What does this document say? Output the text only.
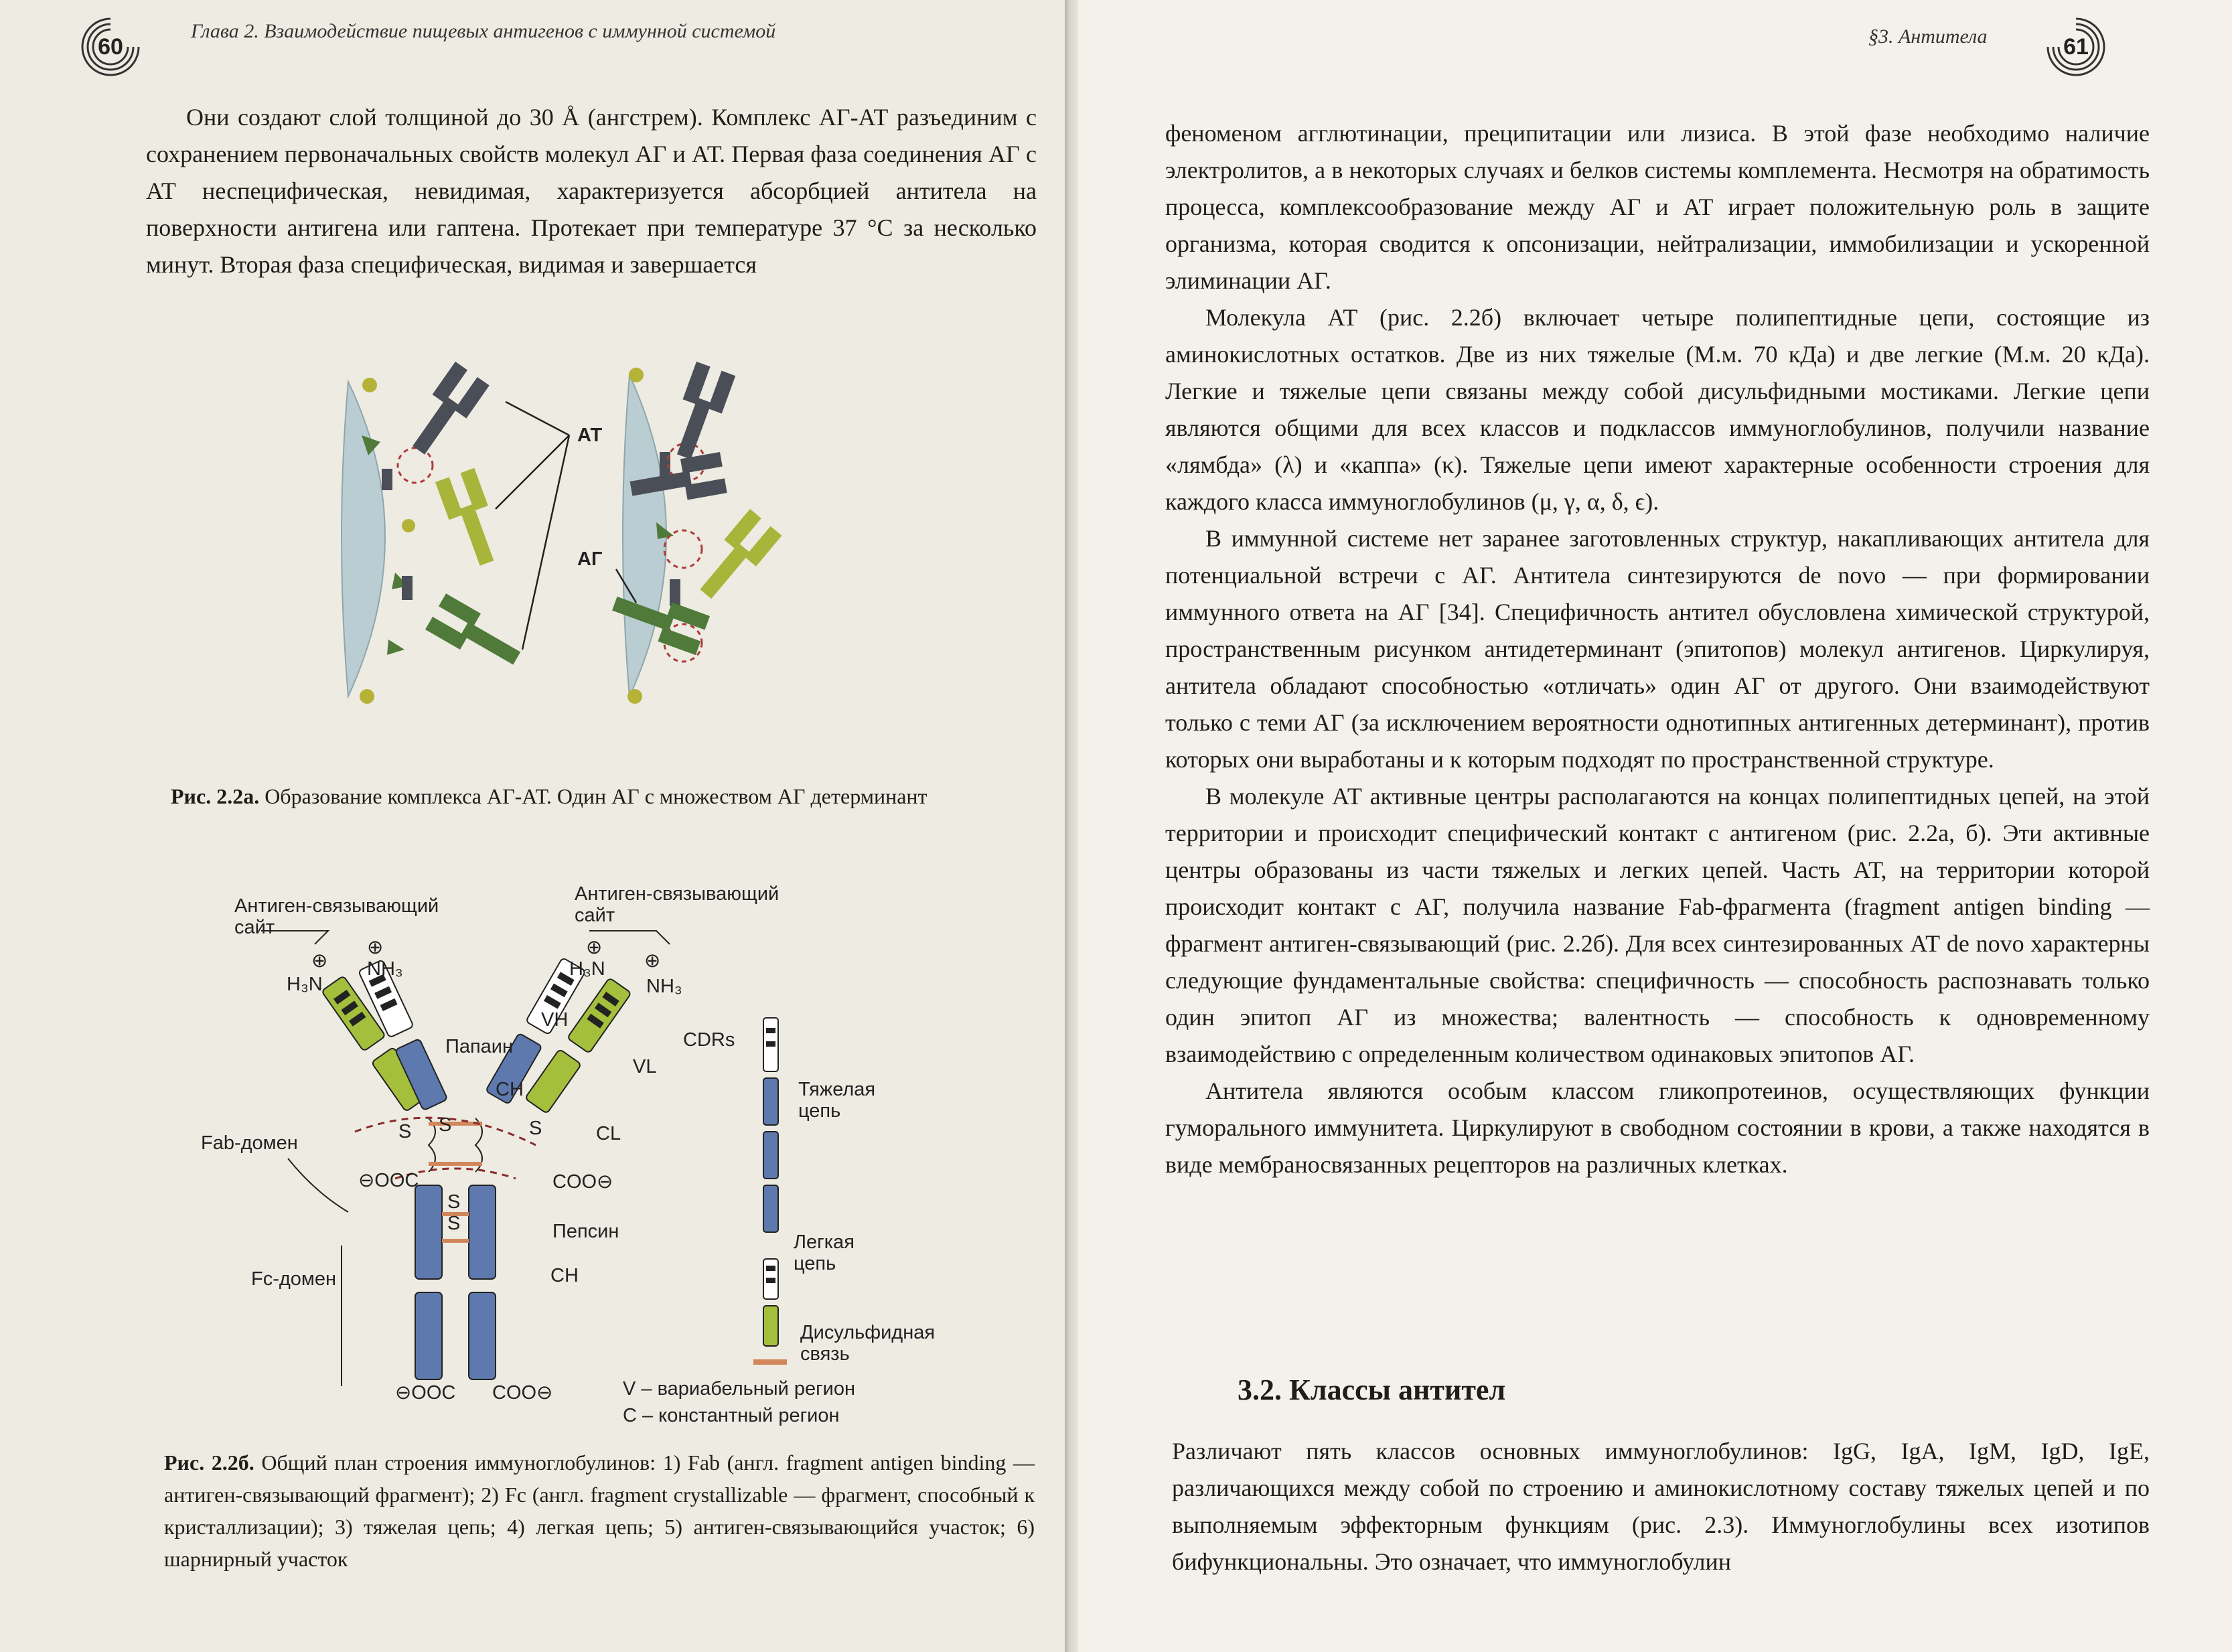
60
Глава 2. Взаимодействие пищевых антигенов с иммунной системой

Они создают слой толщиной до 30 Å (ангстрем). Комплекс АГ-АТ разъединим с сохранением первоначальных свойств молекул АГ и АТ. Первая фаза соединения АГ с АТ неспецифическая, невидимая, характеризуется абсорбцией антитела на поверхности антигена или гаптена. Протекает при температуре 37 °С за несколько минут. Вторая фаза специфическая, видимая и завершается

АТ
АГ
Рис. 2.2а. Образование комплекса АГ-АТ. Один АГ с множеством АГ детерминант
Антиген-связывающий
сайт
Антиген-связывающий
сайт
⊕
⊕
H₃N
NH₃
⊕
⊕
H₃N
NH₃
VH
CDRs
Папаин
VL
CH
CL
Fab-домен
S S	S
⊖OOC	COO⊖
S
S	Пепсин
CH
Fc-домен
⊖OOC COO⊖
Тяжелая
цепь
Легкая
цепь
Дисульфидная
связь
V – вариабельный регион
C – константный регион
Рис. 2.2б. Общий план строения иммуноглобулинов: 1) Fab (англ. fragment antigen binding — антиген-связывающий фрагмент); 2) Fc (англ. fragment crystallizable — фрагмент, способный к кристаллизации); 3) тяжелая цепь; 4) легкая цепь; 5) антиген-связывающийся участок; 6) шарнирный участок
§3. Антитела	61

феноменом агглютинации, преципитации или лизиса. В этой фазе необходимо наличие электролитов, а в некоторых случаях и белков системы комплемента. Несмотря на обратимость процесса, комплексообразование между АГ и АТ играет положительную роль в защите организма, которая сводится к опсонизации, нейтрализации, иммобилизации и ускоренной элиминации АГ.

Молекула АТ (рис. 2.2б) включает четыре полипептидные цепи, состоящие из аминокислотных остатков. Две из них тяжелые (М.м. 70 кДа) и две легкие (М.м. 20 кДа). Легкие и тяжелые цепи связаны между собой дисульфидными мостиками. Легкие цепи являются общими для всех классов и подклассов иммуноглобулинов, получили название «лямбда» (λ) и «каппа» (κ). Тяжелые цепи имеют характерные особенности строения для каждого класса иммуноглобулинов (μ, γ, α, δ, ϵ).

В иммунной системе нет заранее заготовленных структур, накапливающих антитела для потенциальной встречи с АГ. Антитела синтезируются de novo — при формировании иммунного ответа на АГ [34]. Специфичность антител обусловлена химической структурой, пространственным рисунком антидетерминант (эпитопов) молекул антигенов. Циркулируя, антитела обладают способностью «отличать» один АГ от другого. Они взаимодействуют только с теми АГ (за исключением вероятности однотипных антигенных детерминант), против которых они выработаны и к которым подходят по пространственной структуре.

В молекуле АТ активные центры располагаются на концах полипептидных цепей, на этой территории и происходит специфический контакт с антигеном (рис. 2.2а, б). Эти активные центры образованы из части тяжелых и легких цепей. Часть АТ, на территории которой происходит контакт с АГ, получила название Fab-фрагмента (fragment antigen binding — фрагмент антиген-связывающий (рис. 2.2б). Для всех синтезированных АТ de novo характерны следующие фундаментальные свойства: специфичность — способность распознавать только один эпитоп АГ из множества; валентность — способность к одновременному взаимодействию с определенным количеством одинаковых эпитопов АГ.

Антитела являются особым классом гликопротеинов, осуществляющих функции гуморального иммунитета. Циркулируют в свободном состоянии в крови, а также находятся в виде мембраносвязанных рецепторов на различных клетках.

3.2. Классы антител

Различают пять классов основных иммуноглобулинов: IgG, IgA, IgM, IgD, IgE, различающихся между собой по строению и аминокислотному составу тяжелых цепей и по выполняемым эффекторным функциям (рис. 2.3). Иммуноглобулины всех изотипов бифункциональны. Это означает, что иммуноглобулин
